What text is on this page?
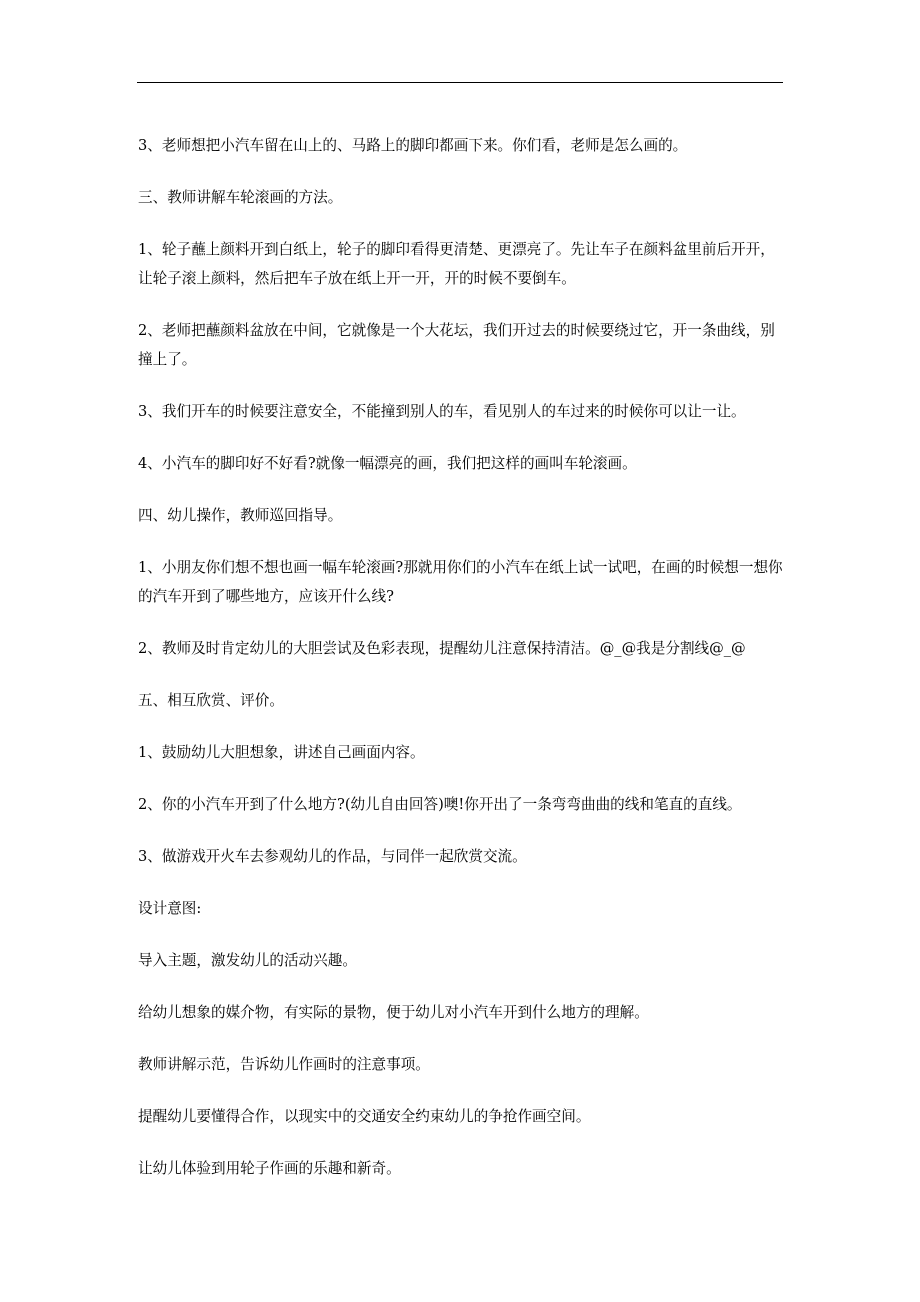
3、老师想把小汽车留在山上的、马路上的脚印都画下来。你们看，老师是怎么画的。

三、教师讲解车轮滚画的方法。

1、轮子蘸上颜料开到白纸上，轮子的脚印看得更清楚、更漂亮了。先让车子在颜料盆里前后开开，让轮子滚上颜料，然后把车子放在纸上开一开，开的时候不要倒车。

2、老师把蘸颜料盆放在中间，它就像是一个大花坛，我们开过去的时候要绕过它，开一条曲线，别撞上了。

3、我们开车的时候要注意安全，不能撞到别人的车，看见别人的车过来的时候你可以让一让。

4、小汽车的脚印好不好看?就像一幅漂亮的画，我们把这样的画叫车轮滚画。

四、幼儿操作，教师巡回指导。

1、小朋友你们想不想也画一幅车轮滚画?那就用你们的小汽车在纸上试一试吧，在画的时候想一想你的汽车开到了哪些地方，应该开什么线?

2、教师及时肯定幼儿的大胆尝试及色彩表现，提醒幼儿注意保持清洁。@_@我是分割线@_@

五、相互欣赏、评价。

1、鼓励幼儿大胆想象，讲述自己画面内容。

2、你的小汽车开到了什么地方?(幼儿自由回答)噢!你开出了一条弯弯曲曲的线和笔直的直线。

3、做游戏开火车去参观幼儿的作品，与同伴一起欣赏交流。

设计意图:

导入主题，激发幼儿的活动兴趣。

给幼儿想象的媒介物，有实际的景物，便于幼儿对小汽车开到什么地方的理解。

教师讲解示范，告诉幼儿作画时的注意事项。

提醒幼儿要懂得合作，以现实中的交通安全约束幼儿的争抢作画空间。

让幼儿体验到用轮子作画的乐趣和新奇。
